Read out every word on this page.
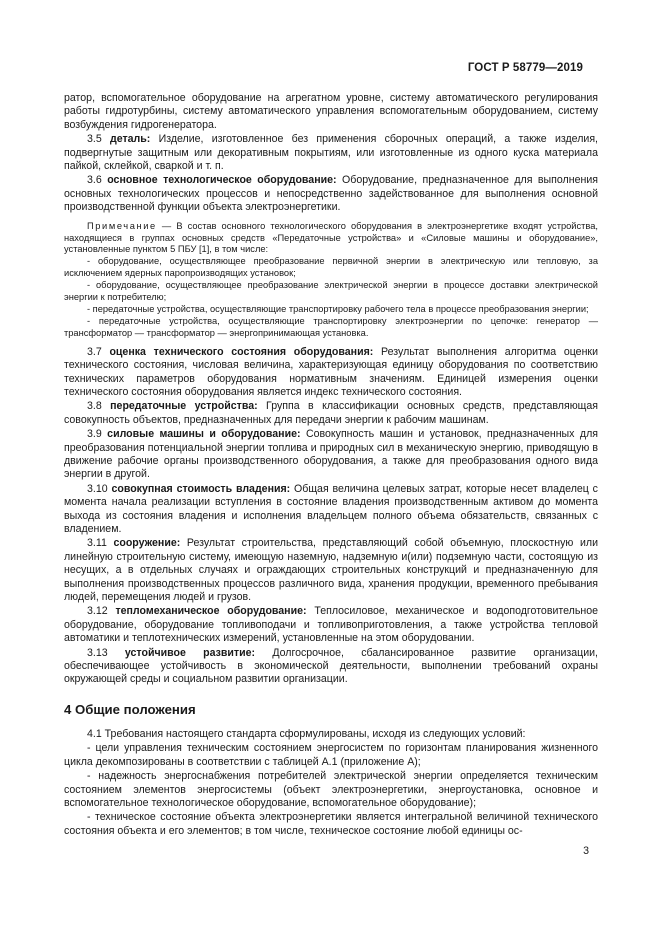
ГОСТ Р 58779—2019

ратор, вспомогательное оборудование на агрегатном уровне, систему автоматического регулирования работы гидротурбины, систему автоматического управления вспомогательным оборудованием, систему возбуждения гидрогенератора.

3.5 деталь: Изделие, изготовленное без применения сборочных операций, а также изделия, подвергнутые защитным или декоративным покрытиям, или изготовленные из одного куска материала пайкой, склейкой, сваркой и т. п.

3.6 основное технологическое оборудование: Оборудование, предназначенное для выполнения основных технологических процессов и непосредственно задействованное для выполнения основной производственной функции объекта электроэнергетики.

Примечание — В состав основного технологического оборудования в электроэнергетике входят устройства, находящиеся в группах основных средств «Передаточные устройства» и «Силовые машины и оборудование», установленные пунктом 5 ПБУ [1], в том числе:

- оборудование, осуществляющее преобразование первичной энергии в электрическую или тепловую, за исключением ядерных паропроизводящих установок;

- оборудование, осуществляющее преобразование электрической энергии в процессе доставки электрической энергии к потребителю;

- передаточные устройства, осуществляющие транспортировку рабочего тела в процессе преобразования энергии;

- передаточные устройства, осуществляющие транспортировку электроэнергии по цепочке: генератор — трансформатор — трансформатор — энергопринимающая установка.

3.7 оценка технического состояния оборудования: Результат выполнения алгоритма оценки технического состояния, числовая величина, характеризующая единицу оборудования по соответствию технических параметров оборудования нормативным значениям. Единицей измерения оценки технического состояния оборудования является индекс технического состояния.

3.8 передаточные устройства: Группа в классификации основных средств, представляющая совокупность объектов, предназначенных для передачи энергии к рабочим машинам.

3.9 силовые машины и оборудование: Совокупность машин и установок, предназначенных для преобразования потенциальной энергии топлива и природных сил в механическую энергию, приводящую в движение рабочие органы производственного оборудования, а также для преобразования одного вида энергии в другой.

3.10 совокупная стоимость владения: Общая величина целевых затрат, которые несет владелец с момента начала реализации вступления в состояние владения производственным активом до момента выхода из состояния владения и исполнения владельцем полного объема обязательств, связанных с владением.

3.11 сооружение: Результат строительства, представляющий собой объемную, плоскостную или линейную строительную систему, имеющую наземную, надземную и(или) подземную части, состоящую из несущих, а в отдельных случаях и ограждающих строительных конструкций и предназначенную для выполнения производственных процессов различного вида, хранения продукции, временного пребывания людей, перемещения людей и грузов.

3.12 тепломеханическое оборудование: Теплосиловое, механическое и водоподготовительное оборудование, оборудование топливоподачи и топливоприготовления, а также устройства тепловой автоматики и теплотехнических измерений, установленные на этом оборудовании.

3.13 устойчивое развитие: Долгосрочное, сбалансированное развитие организации, обеспечивающее устойчивость в экономической деятельности, выполнении требований охраны окружающей среды и социальном развитии организации.

4 Общие положения

4.1 Требования настоящего стандарта сформулированы, исходя из следующих условий:

- цели управления техническим состоянием энергосистем по горизонтам планирования жизненного цикла декомпозированы в соответствии с таблицей А.1 (приложение А);

- надежность энергоснабжения потребителей электрической энергии определяется техническим состоянием элементов энергосистемы (объект электроэнергетики, энергоустановка, основное и вспомогательное технологическое оборудование, вспомогательное оборудование);

- техническое состояние объекта электроэнергетики является интегральной величиной технического состояния объекта и его элементов; в том числе, техническое состояние любой единицы ос-

3
